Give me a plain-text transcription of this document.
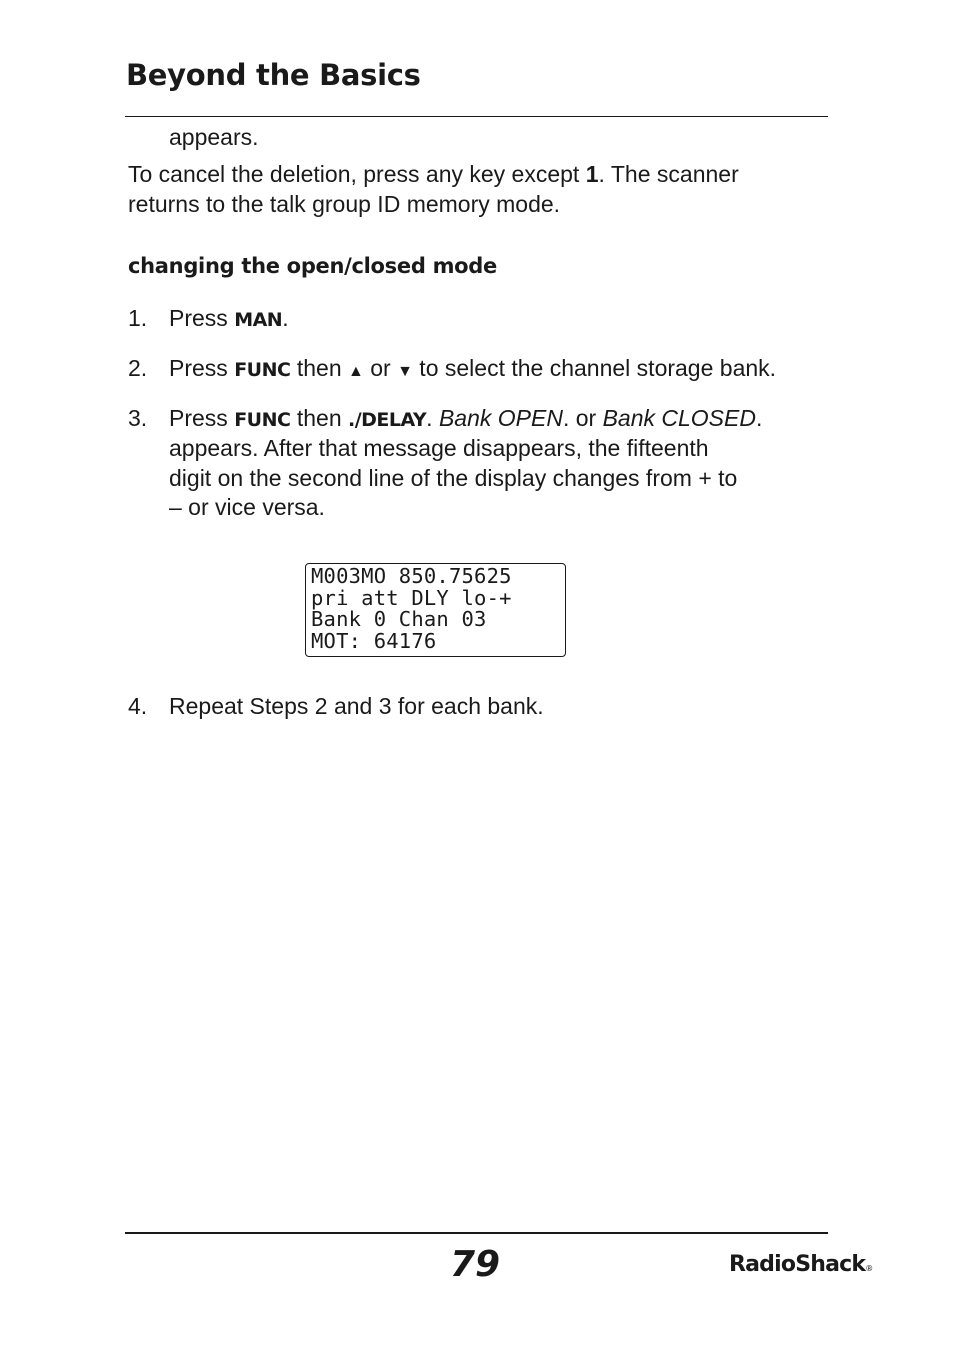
Beyond the Basics
appears.
To cancel the deletion, press any key except 1. The scanner
returns to the talk group ID memory mode.
changing the open/closed mode
1. Press MAN.
2. Press FUNC then ▲ or ▼ to select the channel storage bank.
3. Press FUNC then ./DELAY. Bank OPEN. or Bank CLOSED.
appears. After that message disappears, the fifteenth
digit on the second line of the display changes from + to
– or vice versa.
M003MO 850.75625
pri att DLY lo-+
Bank 0 Chan 03
MOT: 64176
4. Repeat Steps 2 and 3 for each bank.
79	RadioShack®
